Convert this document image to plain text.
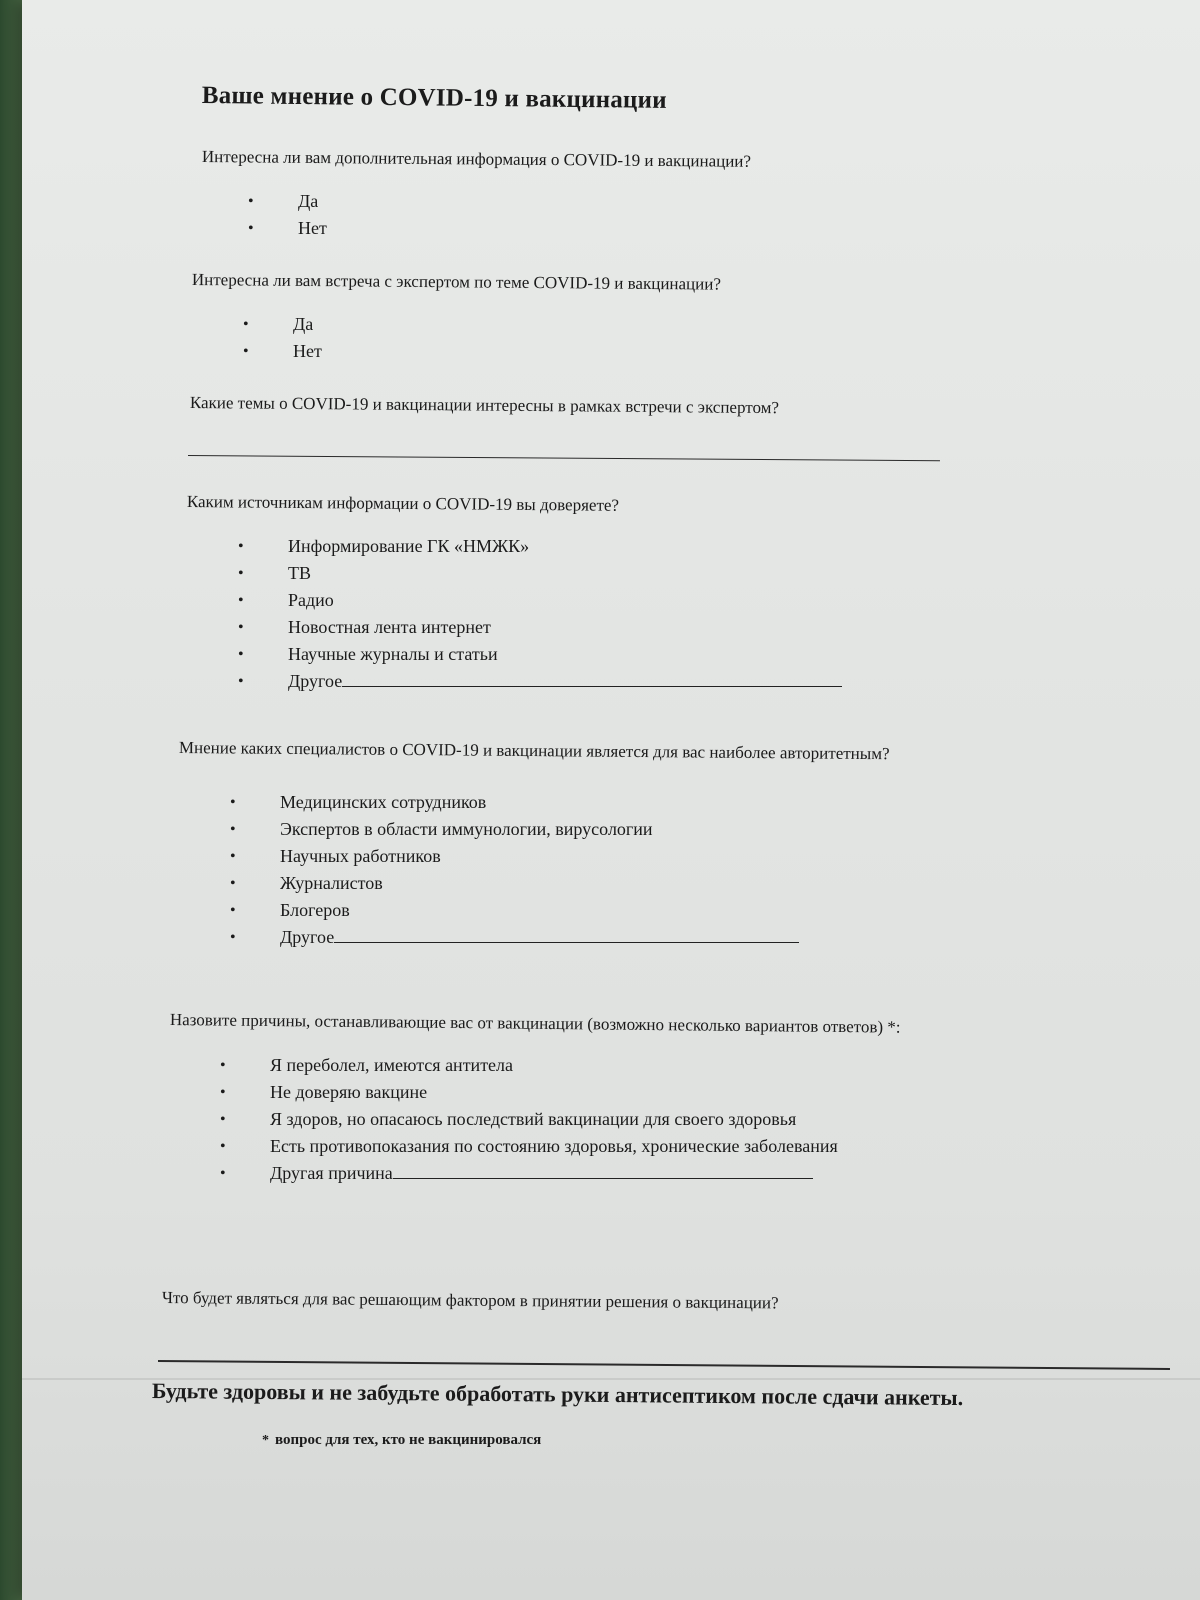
Ваше мнение о COVID-19 и вакцинации
Интересна ли вам дополнительная информация о COVID-19 и вакцинации?
• Да
• Нет
Интересна ли вам встреча с экспертом по теме COVID-19 и вакцинации?
• Да
• Нет
Какие темы о COVID-19 и вакцинации интересны в рамках встречи с экспертом?
Каким источникам информации о COVID-19 вы доверяете?
• Информирование ГК «НМЖК»
• ТВ
• Радио
• Новостная лента интернет
• Научные журналы и статьи
• Другое
Мнение каких специалистов о COVID-19 и вакцинации является для вас наиболее авторитетным?
• Медицинских сотрудников
• Экспертов в области иммунологии, вирусологии
• Научных работников
• Журналистов
• Блогеров
• Другое
Назовите причины, останавливающие вас от вакцинации (возможно несколько вариантов ответов) *:
• Я переболел, имеются антитела
• Не доверяю вакцине
• Я здоров, но опасаюсь последствий вакцинации для своего здоровья
• Есть противопоказания по состоянию здоровья, хронические заболевания
• Другая причина
Что будет являться для вас решающим фактором в принятии решения о вакцинации?
Будьте здоровы и не забудьте обработать руки антисептиком после сдачи анкеты.
* вопрос для тех, кто не вакцинировался
